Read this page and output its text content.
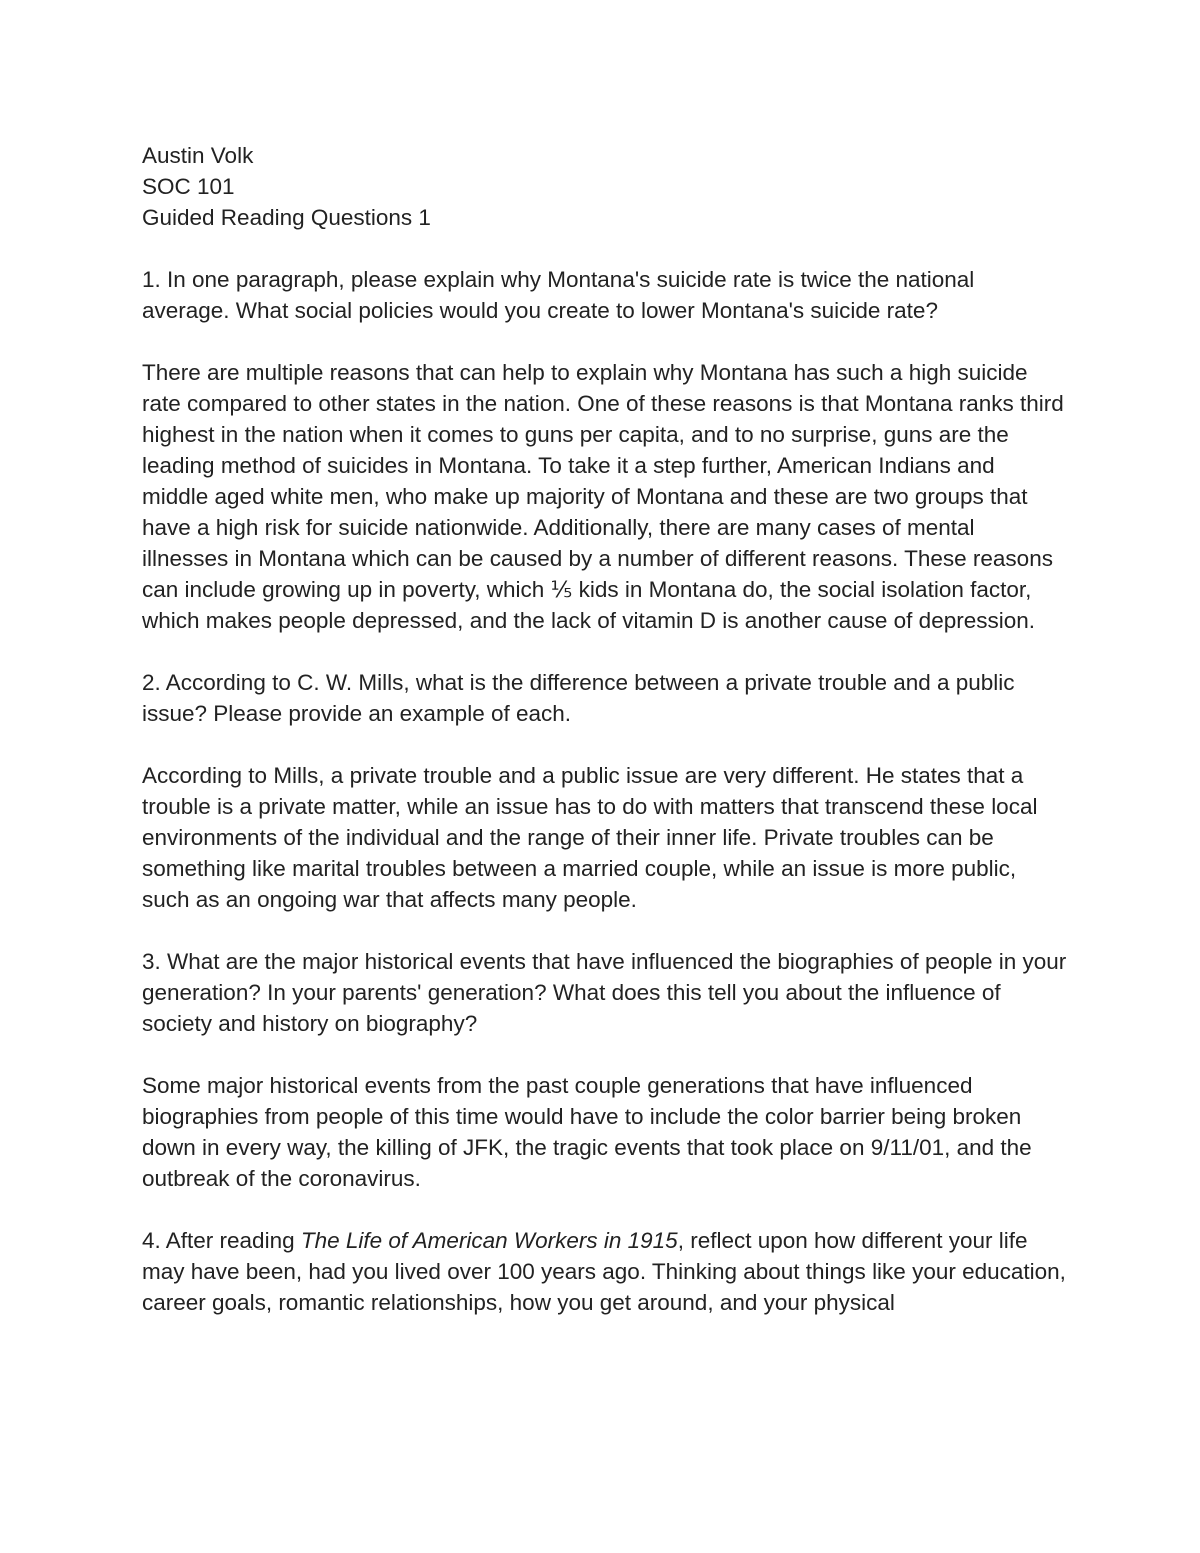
Austin Volk

SOC 101

Guided Reading Questions 1

1. In one paragraph, please explain why Montana's suicide rate is twice the national average. What social policies would you create to lower Montana's suicide rate?

There are multiple reasons that can help to explain why Montana has such a high suicide rate compared to other states in the nation. One of these reasons is that Montana ranks third highest in the nation when it comes to guns per capita, and to no surprise, guns are the leading method of suicides in Montana. To take it a step further, American Indians and middle aged white men, who make up majority of Montana and these are two groups that have a high risk for suicide nationwide. Additionally, there are many cases of mental illnesses in Montana which can be caused by a number of different reasons. These reasons can include growing up in poverty, which ⅕ kids in Montana do, the social isolation factor, which makes people depressed, and the lack of vitamin D is another cause of depression.

2. According to C. W. Mills, what is the difference between a private trouble and a public issue? Please provide an example of each.

According to Mills, a private trouble and a public issue are very different. He states that a trouble is a private matter, while an issue has to do with matters that transcend these local environments of the individual and the range of their inner life. Private troubles can be something like marital troubles between a married couple, while an issue is more public, such as an ongoing war that affects many people.

3. What are the major historical events that have influenced the biographies of people in your generation? In your parents' generation? What does this tell you about the influence of society and history on biography?

Some major historical events from the past couple generations that have influenced biographies from people of this time would have to include the color barrier being broken down in every way, the killing of JFK, the tragic events that took place on 9/11/01, and the outbreak of the coronavirus.

4. After reading The Life of American Workers in 1915, reflect upon how different your life may have been, had you lived over 100 years ago. Thinking about things like your education, career goals, romantic relationships, how you get around, and your physical
